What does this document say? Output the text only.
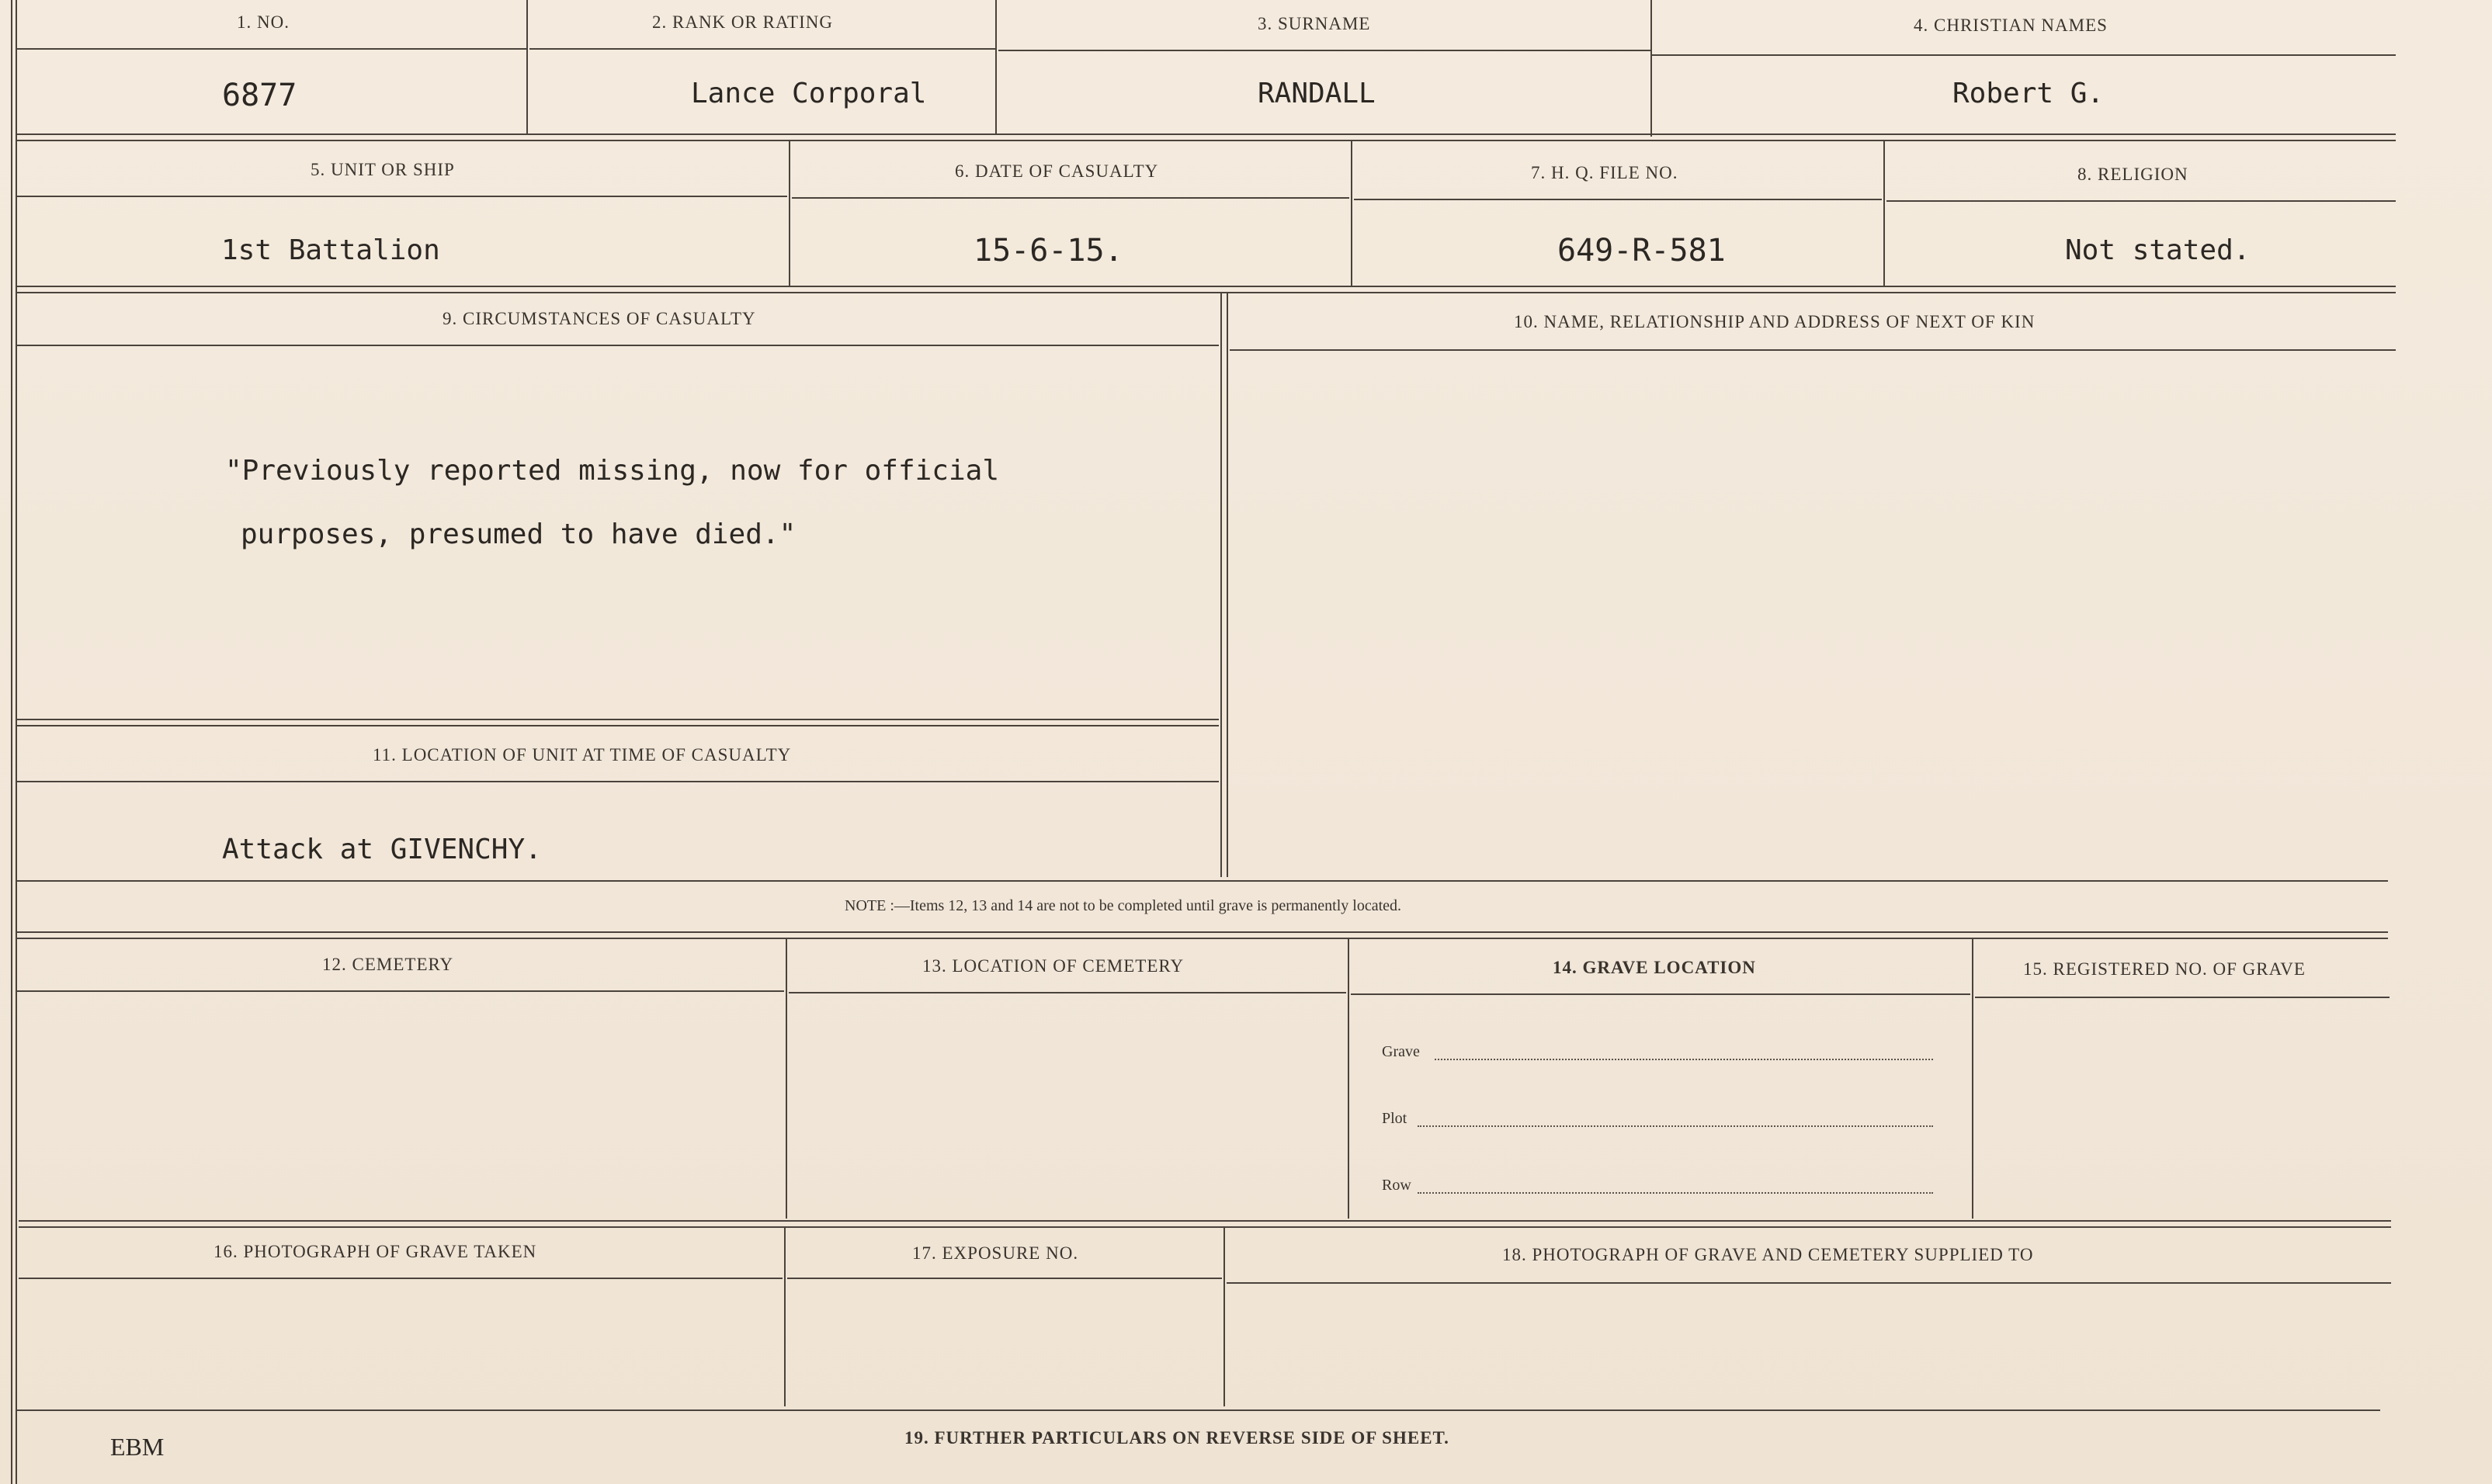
1. NO.	2. RANK OR RATING	3. SURNAME	4. CHRISTIAN NAMES
6877	Lance Corporal	RANDALL	Robert G.
5. UNIT OR SHIP	6. DATE OF CASUALTY	7. H. Q. FILE NO.	8. RELIGION
1st Battalion	15-6-15.	649-R-581	Not stated.
9. CIRCUMSTANCES OF CASUALTY	10. NAME, RELATIONSHIP AND ADDRESS OF NEXT OF KIN
"Previously reported missing, now for official
purposes, presumed to have died."
11. LOCATION OF UNIT AT TIME OF CASUALTY
Attack at GIVENCHY.
NOTE :—Items 12, 13 and 14 are not to be completed until grave is permanently located.
12. CEMETERY	13. LOCATION OF CEMETERY	14. GRAVE LOCATION	15. REGISTERED NO. OF GRAVE
Grave
Plot
Row
16. PHOTOGRAPH OF GRAVE TAKEN	17. EXPOSURE NO.	18. PHOTOGRAPH OF GRAVE AND CEMETERY SUPPLIED TO
19. FURTHER PARTICULARS ON REVERSE SIDE OF SHEET.
EBM
